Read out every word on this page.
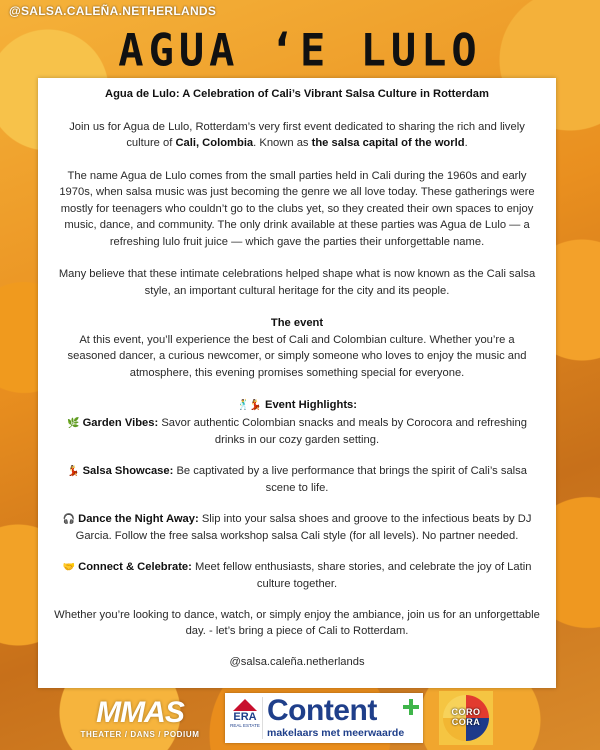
@SALSA.CALEÑA.NETHERLANDS
AGUA ‘E LULO

Agua de Lulo: A Celebration of Cali’s Vibrant Salsa Culture in Rotterdam

Join us for Agua de Lulo, Rotterdam’s very first event dedicated to sharing the rich and lively culture of Cali, Colombia. Known as the salsa capital of the world.

The name Agua de Lulo comes from the small parties held in Cali during the 1960s and early 1970s, when salsa music was just becoming the genre we all love today. These gatherings were mostly for teenagers who couldn’t go to the clubs yet, so they created their own spaces to enjoy music, dance, and community. The only drink available at these parties was Agua de Lulo — a refreshing lulo fruit juice — which gave the parties their unforgettable name.

Many believe that these intimate celebrations helped shape what is now known as the Cali salsa style, an important cultural heritage for the city and its people.

The event

At this event, you’ll experience the best of Cali and Colombian culture. Whether you’re a seasoned dancer, a curious newcomer, or simply someone who loves to enjoy the music and atmosphere, this evening promises something special for everyone.

🕺💃 Event Highlights:

🌿 Garden Vibes: Savor authentic Colombian snacks and meals by Corocora and refreshing drinks in our cozy garden setting.

💃 Salsa Showcase: Be captivated by a live performance that brings the spirit of Cali’s salsa scene to life.

🎧 Dance the Night Away: Slip into your salsa shoes and groove to the infectious beats by DJ Garcia. Follow the free salsa workshop salsa Cali style (for all levels). No partner needed.

🤝 Connect & Celebrate: Meet fellow enthusiasts, share stories, and celebrate the joy of Latin culture together.

Whether you’re looking to dance, watch, or simply enjoy the ambiance, join us for an unforgettable day. - let’s bring a piece of Cali to Rotterdam.

@salsa.caleña.netherlands

MMAS
THEATER / DANS / PODIUM
ERA
REAL ESTATE Content
makelaars met meerwaarde
CORO CORA
